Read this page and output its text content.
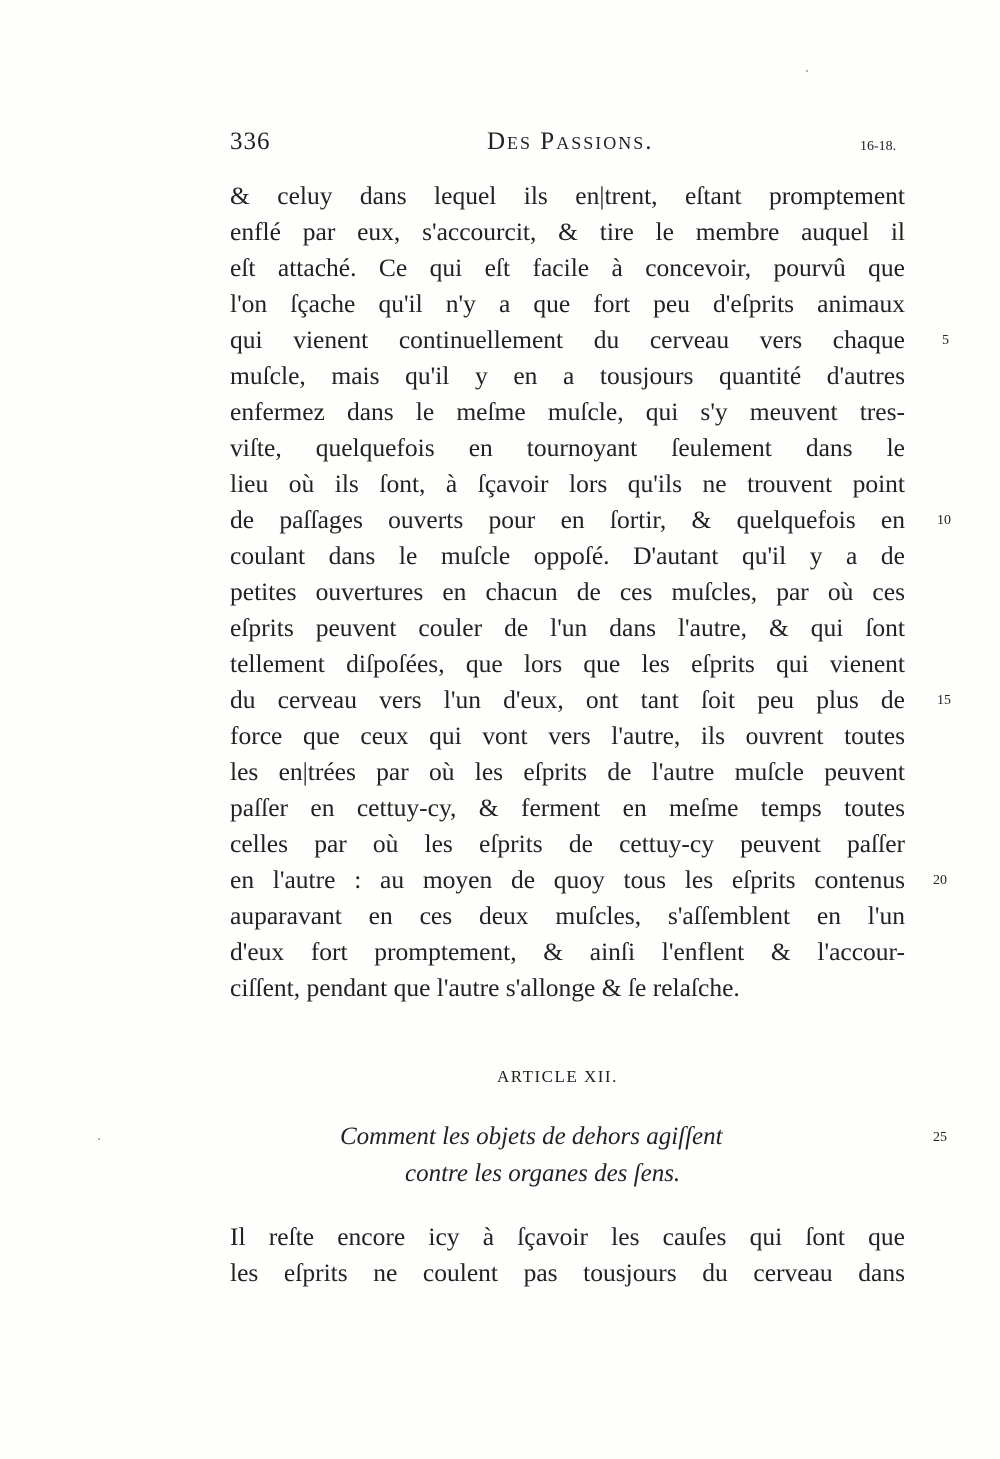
336	Des Passions.	16-18.
& celuy dans lequel ils en|trent, eſtant promptement
enflé par eux, s'accourcit, & tire le membre auquel il
eſt attaché. Ce qui eſt facile à concevoir, pourvû que
l'on ſçache qu'il n'y a que fort peu d'eſprits animaux
qui vienent continuellement du cerveau vers chaque
muſcle, mais qu'il y en a tousjours quantité d'autres
enfermez dans le meſme muſcle, qui s'y meuvent tres-
viſte, quelquefois en tournoyant ſeulement dans le
lieu où ils ſont, à ſçavoir lors qu'ils ne trouvent point
de paſſages ouverts pour en ſortir, & quelquefois en
coulant dans le muſcle oppoſé. D'autant qu'il y a de
petites ouvertures en chacun de ces muſcles, par où ces
eſprits peuvent couler de l'un dans l'autre, & qui ſont
tellement diſpoſées, que lors que les eſprits qui vienent
du cerveau vers l'un d'eux, ont tant ſoit peu plus de
force que ceux qui vont vers l'autre, ils ouvrent toutes
les en|trées par où les eſprits de l'autre muſcle peuvent
paſſer en cettuy-cy, & ferment en meſme temps toutes
celles par où les eſprits de cettuy-cy peuvent paſſer
en l'autre : au moyen de quoy tous les eſprits contenus
auparavant en ces deux muſcles, s'aſſemblent en l'un
d'eux fort promptement, & ainſi l'enflent & l'accour-
ciſſent, pendant que l'autre s'allonge & ſe relaſche.
5
10
15
20
25
ARTICLE XII.
Comment les objets de dehors agiſſent
contre les organes des ſens.
Il reſte encore icy à ſçavoir les cauſes qui ſont que
les eſprits ne coulent pas tousjours du cerveau dans
